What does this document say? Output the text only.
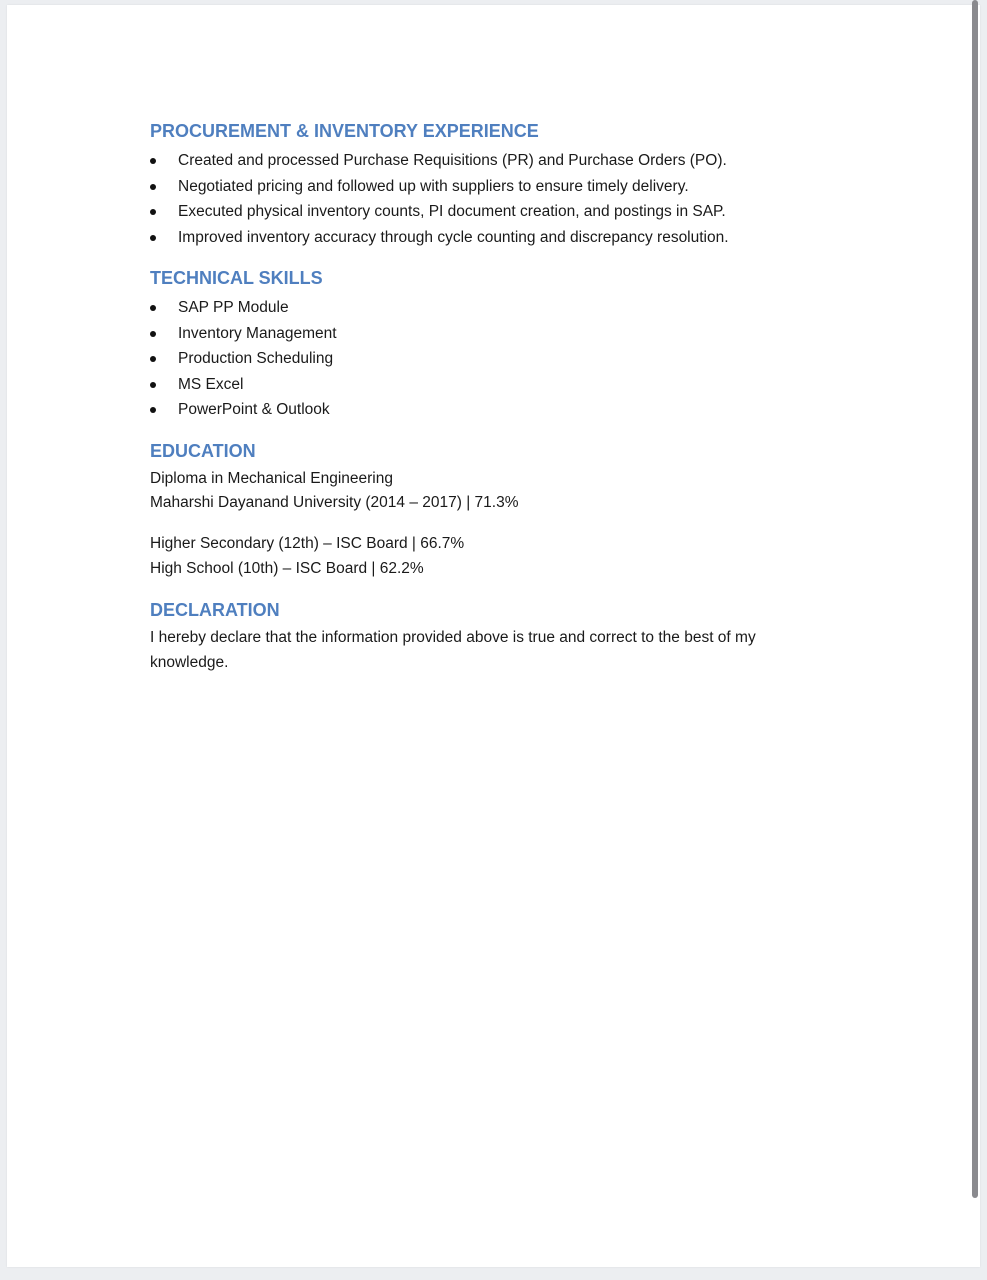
PROCUREMENT & INVENTORY EXPERIENCE
Created and processed Purchase Requisitions (PR) and Purchase Orders (PO).
Negotiated pricing and followed up with suppliers to ensure timely delivery.
Executed physical inventory counts, PI document creation, and postings in SAP.
Improved inventory accuracy through cycle counting and discrepancy resolution.
TECHNICAL SKILLS
SAP PP Module
Inventory Management
Production Scheduling
MS Excel
PowerPoint & Outlook
EDUCATION
Diploma in Mechanical Engineering
Maharshi Dayanand University (2014 – 2017) | 71.3%
Higher Secondary (12th) – ISC Board | 66.7%
High School (10th) – ISC Board | 62.2%
DECLARATION
I hereby declare that the information provided above is true and correct to the best of my
knowledge.
